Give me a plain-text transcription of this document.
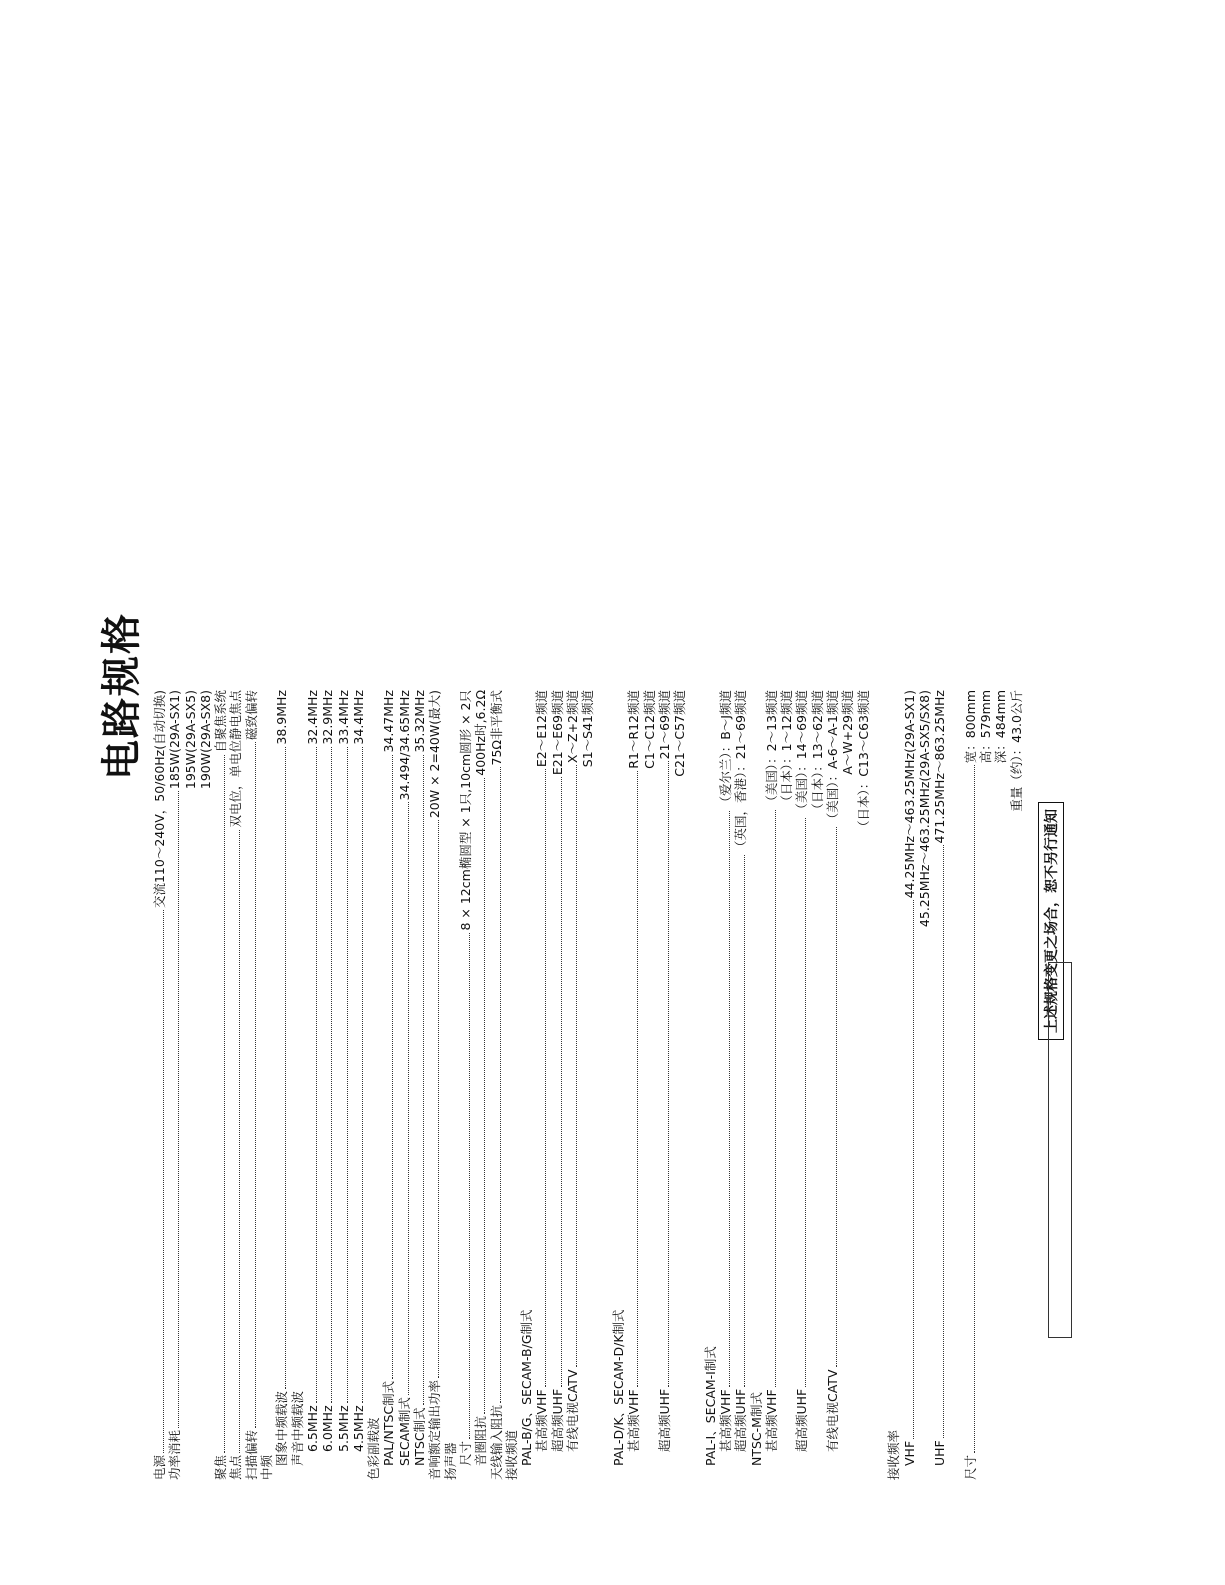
电路规格
电源
交流110～240V，50/60Hz(自动切换)
功率消耗
185W(29A-SX1) 195W(29A-SX5) 190W(29A-SX8)
聚焦
自聚焦系统
焦点
双电位，单电位静电焦点
扫描偏转
磁致偏转
中频
图象中频载波
38.9MHz
声音中频载波 6.5MHz
32.4MHz
6.0MHz
32.9MHz
5.5MHz
33.4MHz
4.5MHz
34.4MHz
色彩副载波 PAL/NTSC制式
34.47MHz
SECAM制式
34.494/34.65MHz
NTSC制式
35.32MHz
音响额定输出功率
20W × 2=40W(最大)
扬声器 尺寸
8 × 12cm椭圆型 × 1只,10cm圆形 × 2只
音圈阻抗
400Hz时,6.2Ω
天线输入阻抗
75Ω非平衡式
接收频道 PAL-B/G、SECAM-B/G制式 甚高频VHF
E2～E12频道
超高频UHF
E21～E69频道
有线电视CATV
X～Z+2频道 S1～S41频道
PAL-D/K、SECAM-D/K制式 甚高频VHF
R1～R12频道 C1～C12频道
超高频UHF
21～69频道 C21～C57频道
PAL-I、SECAM-I制式 甚高频VHF
（爱尔兰）：B～J频道
超高频UHF
（英国，香港）：21～69频道
NTSC-M制式 甚高频VHF
（美国）：2～13频道 （日本）：1～12频道
超高频UHF
（美国）：14～69频道 （日本）：13～62频道
有线电视CATV
（美国）：A-6～A-1频道 A～W+29频道 （日本）：C13～C63频道
接收频率 VHF
44.25MHz～463.25MHz(29A-SX1) 45.25MHz～463.25MHz(29A-SX5/SX8)
UHF
471.25MHz～863.25MHz
尺寸
宽：800mm 高：579mm 深：484mm 重量（约）：43.0公斤
上述规格变更之场合，恕不另行通知
